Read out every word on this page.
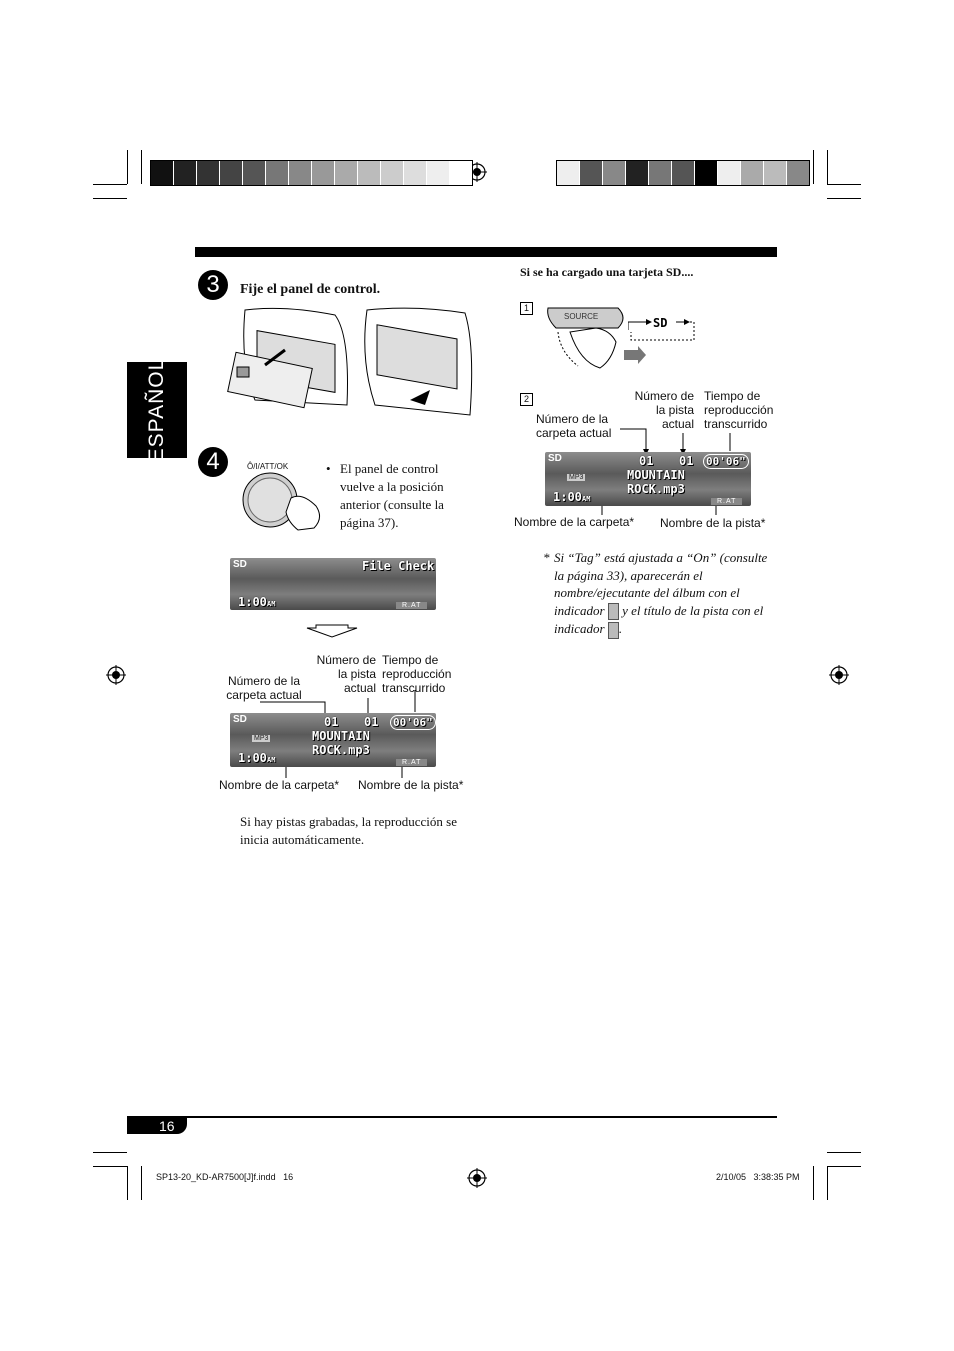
ESPAÑOL
3	Fije el panel de control.
4	Ô/I/ATT/OK	• El panel de control vuelve a la posición anterior (consulte la página 37).
SD	File Check
1:00 AM	R.AT
Número de la carpeta actual
Número de la pista actual
Tiempo de reproducción transcurrido
SD
MP3
01 01 00'06"
MOUNTAIN
ROCK.mp3
1:00 AM	R.AT
Nombre de la carpeta* Nombre de la pista*
Si hay pistas grabadas, la reproducción se inicia automáticamente.
Si se ha cargado una tarjeta SD....
1
SOURCE	SD
2
Número de la carpeta actual
Número de la pista actual
Tiempo de reproducción transcurrido
SD
MP3
01 01 00'06"
MOUNTAIN
ROCK.mp3
1:00 AM	R.AT
Nombre de la carpeta* Nombre de la pista*
* Si “Tag” está ajustada a “On” (consulte la página 33), aparecerán el nombre/ejecutante del álbum con el indicador y el título de la pista con el indicador .
16
SP13-20_KD-AR7500[J]f.indd   16	2/10/05   3:38:35 PM
